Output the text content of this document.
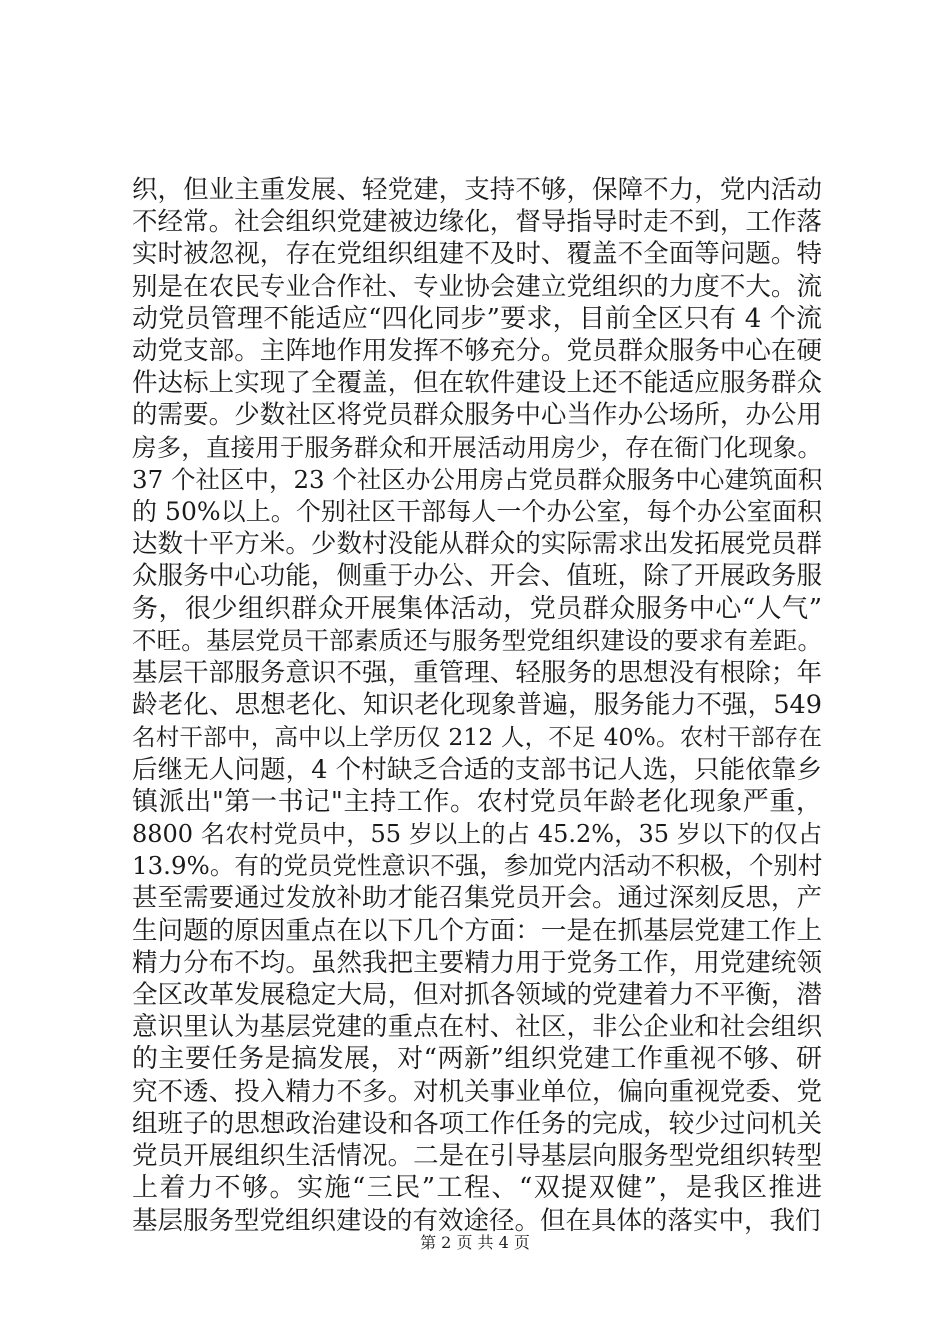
织，但业主重发展、轻党建，支持不够，保障不力，党内活动
不经常。社会组织党建被边缘化，督导指导时走不到，工作落
实时被忽视，存在党组织组建不及时、覆盖不全面等问题。特
别是在农民专业合作社、专业协会建立党组织的力度不大。流
动党员管理不能适应“四化同步”要求，目前全区只有 4 个流
动党支部。主阵地作用发挥不够充分。党员群众服务中心在硬
件达标上实现了全覆盖，但在软件建设上还不能适应服务群众
的需要。少数社区将党员群众服务中心当作办公场所，办公用
房多，直接用于服务群众和开展活动用房少，存在衙门化现象。
37 个社区中，23 个社区办公用房占党员群众服务中心建筑面积
的 50%以上。个别社区干部每人一个办公室，每个办公室面积
达数十平方米。少数村没能从群众的实际需求出发拓展党员群
众服务中心功能，侧重于办公、开会、值班，除了开展政务服
务，很少组织群众开展集体活动，党员群众服务中心“人气”
不旺。基层党员干部素质还与服务型党组织建设的要求有差距。
基层干部服务意识不强，重管理、轻服务的思想没有根除；年
龄老化、思想老化、知识老化现象普遍，服务能力不强，549
名村干部中，高中以上学历仅 212 人，不足 40%。农村干部存在
后继无人问题，4 个村缺乏合适的支部书记人选，只能依靠乡
镇派出"第一书记"主持工作。农村党员年龄老化现象严重，
8800 名农村党员中，55 岁以上的占 45.2%，35 岁以下的仅占
13.9%。有的党员党性意识不强，参加党内活动不积极，个别村
甚至需要通过发放补助才能召集党员开会。通过深刻反思，产
生问题的原因重点在以下几个方面：一是在抓基层党建工作上
精力分布不均。虽然我把主要精力用于党务工作，用党建统领
全区改革发展稳定大局，但对抓各领域的党建着力不平衡，潜
意识里认为基层党建的重点在村、社区，非公企业和社会组织
的主要任务是搞发展，对“两新”组织党建工作重视不够、研
究不透、投入精力不多。对机关事业单位，偏向重视党委、党
组班子的思想政治建设和各项工作任务的完成，较少过问机关
党员开展组织生活情况。二是在引导基层向服务型党组织转型
上着力不够。实施“三民”工程、“双提双健”，是我区推进
基层服务型党组织建设的有效途径。但在具体的落实中，我们
第 2 页 共 4 页
